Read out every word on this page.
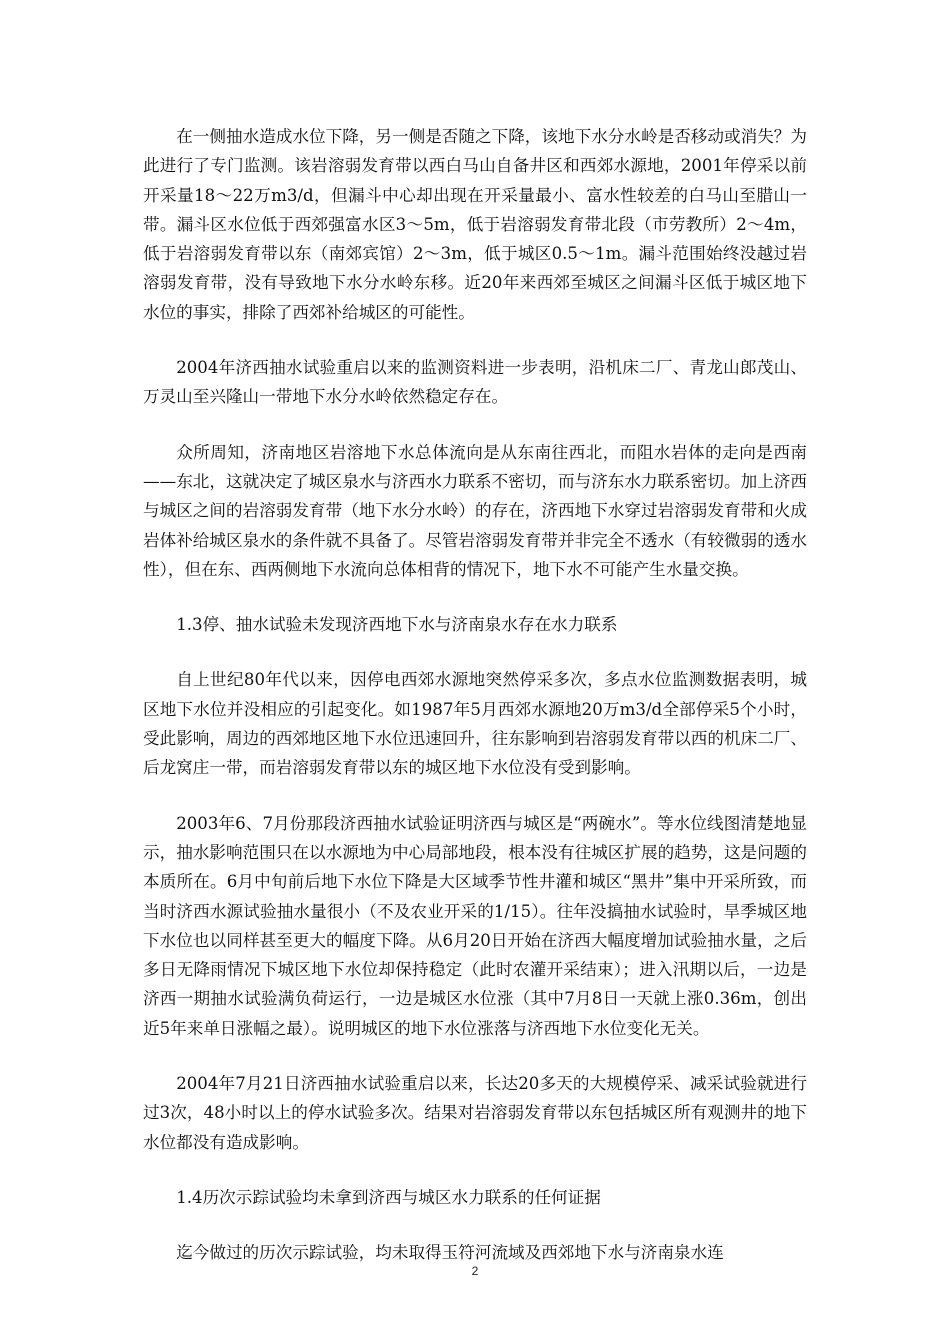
在一侧抽水造成水位下降，另一侧是否随之下降，该地下水分水岭是否移动或消失？为此进行了专门监测。该岩溶弱发育带以西白马山自备井区和西郊水源地，2001年停采以前开采量18～22万m3/d，但漏斗中心却出现在开采量最小、富水性较差的白马山至腊山一带。漏斗区水位低于西郊强富水区3～5m，低于岩溶弱发育带北段（市劳教所）2～4m，低于岩溶弱发育带以东（南郊宾馆）2～3m，低于城区0.5～1m。漏斗范围始终没越过岩溶弱发育带，没有导致地下水分水岭东移。近20年来西郊至城区之间漏斗区低于城区地下水位的事实，排除了西郊补给城区的可能性。

2004年济西抽水试验重启以来的监测资料进一步表明，沿机床二厂、青龙山郎茂山、万灵山至兴隆山一带地下水分水岭依然稳定存在。

众所周知，济南地区岩溶地下水总体流向是从东南往西北，而阻水岩体的走向是西南——东北，这就决定了城区泉水与济西水力联系不密切，而与济东水力联系密切。加上济西与城区之间的岩溶弱发育带（地下水分水岭）的存在，济西地下水穿过岩溶弱发育带和火成岩体补给城区泉水的条件就不具备了。尽管岩溶弱发育带并非完全不透水（有较微弱的透水性），但在东、西两侧地下水流向总体相背的情况下，地下水不可能产生水量交换。

1.3停、抽水试验未发现济西地下水与济南泉水存在水力联系

自上世纪80年代以来，因停电西郊水源地突然停采多次，多点水位监测数据表明，城区地下水位并没相应的引起变化。如1987年5月西郊水源地20万m3/d全部停采5个小时，受此影响，周边的西郊地区地下水位迅速回升，往东影响到岩溶弱发育带以西的机床二厂、后龙窝庄一带，而岩溶弱发育带以东的城区地下水位没有受到影响。

2003年6、7月份那段济西抽水试验证明济西与城区是“两碗水”。等水位线图清楚地显示，抽水影响范围只在以水源地为中心局部地段，根本没有往城区扩展的趋势，这是问题的本质所在。6月中旬前后地下水位下降是大区域季节性井灌和城区“黑井”集中开采所致，而当时济西水源试验抽水量很小（不及农业开采的1/15）。往年没搞抽水试验时，旱季城区地下水位也以同样甚至更大的幅度下降。从6月20日开始在济西大幅度增加试验抽水量，之后多日无降雨情况下城区地下水位却保持稳定（此时农灌开采结束）；进入汛期以后，一边是济西一期抽水试验满负荷运行，一边是城区水位涨（其中7月8日一天就上涨0.36m，创出近5年来单日涨幅之最）。说明城区的地下水位涨落与济西地下水位变化无关。

2004年7月21日济西抽水试验重启以来，长达20多天的大规模停采、减采试验就进行过3次，48小时以上的停水试验多次。结果对岩溶弱发育带以东包括城区所有观测井的地下水位都没有造成影响。

1.4历次示踪试验均未拿到济西与城区水力联系的任何证据

迄今做过的历次示踪试验，均未取得玉符河流域及西郊地下水与济南泉水连

2
